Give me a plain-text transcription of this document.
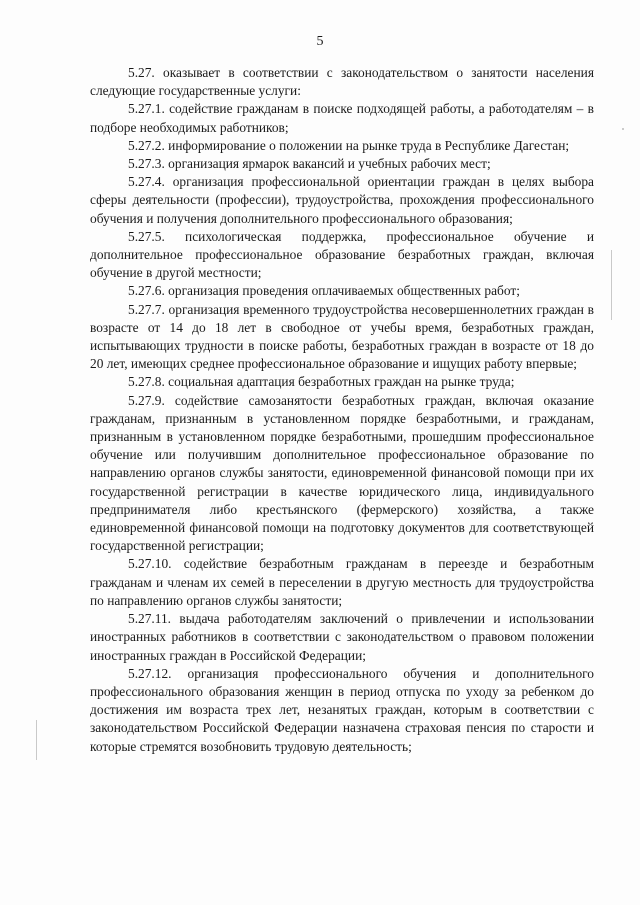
5

5.27. оказывает в соответствии с законодательством о занятости населения следующие государственные услуги:

5.27.1. содействие гражданам в поиске подходящей работы, а работодателям – в подборе необходимых работников;

5.27.2. информирование о положении на рынке труда в Республике Дагестан;

5.27.3. организация ярмарок вакансий и учебных рабочих мест;

5.27.4. организация профессиональной ориентации граждан в целях выбора сферы деятельности (профессии), трудоустройства, прохождения профессионального обучения и получения дополнительного профессионального образования;

5.27.5. психологическая поддержка, профессиональное обучение и дополнительное профессиональное образование безработных граждан, включая обучение в другой местности;

5.27.6. организация проведения оплачиваемых общественных работ;

5.27.7. организация временного трудоустройства несовершеннолетних граждан в возрасте от 14 до 18 лет в свободное от учебы время, безработных граждан, испытывающих трудности в поиске работы, безработных граждан в возрасте от 18 до 20 лет, имеющих среднее профессиональное образование и ищущих работу впервые;

5.27.8. социальная адаптация безработных граждан на рынке труда;

5.27.9. содействие самозанятости безработных граждан, включая оказание гражданам, признанным в установленном порядке безработными, и гражданам, признанным в установленном порядке безработными, прошедшим профессиональное обучение или получившим дополнительное профессиональное образование по направлению органов службы занятости, единовременной финансовой помощи при их государственной регистрации в качестве юридического лица, индивидуального предпринимателя либо крестьянского (фермерского) хозяйства, а также единовременной финансовой помощи на подготовку документов для соответствующей государственной регистрации;

5.27.10. содействие безработным гражданам в переезде и безработным гражданам и членам их семей в переселении в другую местность для трудоустройства по направлению органов службы занятости;

5.27.11. выдача работодателям заключений о привлечении и использовании иностранных работников в соответствии с законодательством о правовом положении иностранных граждан в Российской Федерации;

5.27.12. организация профессионального обучения и дополнительного профессионального образования женщин в период отпуска по уходу за ребенком до достижения им возраста трех лет, незанятых граждан, которым в соответствии с законодательством Российской Федерации назначена страховая пенсия по старости и которые стремятся возобновить трудовую деятельность;
